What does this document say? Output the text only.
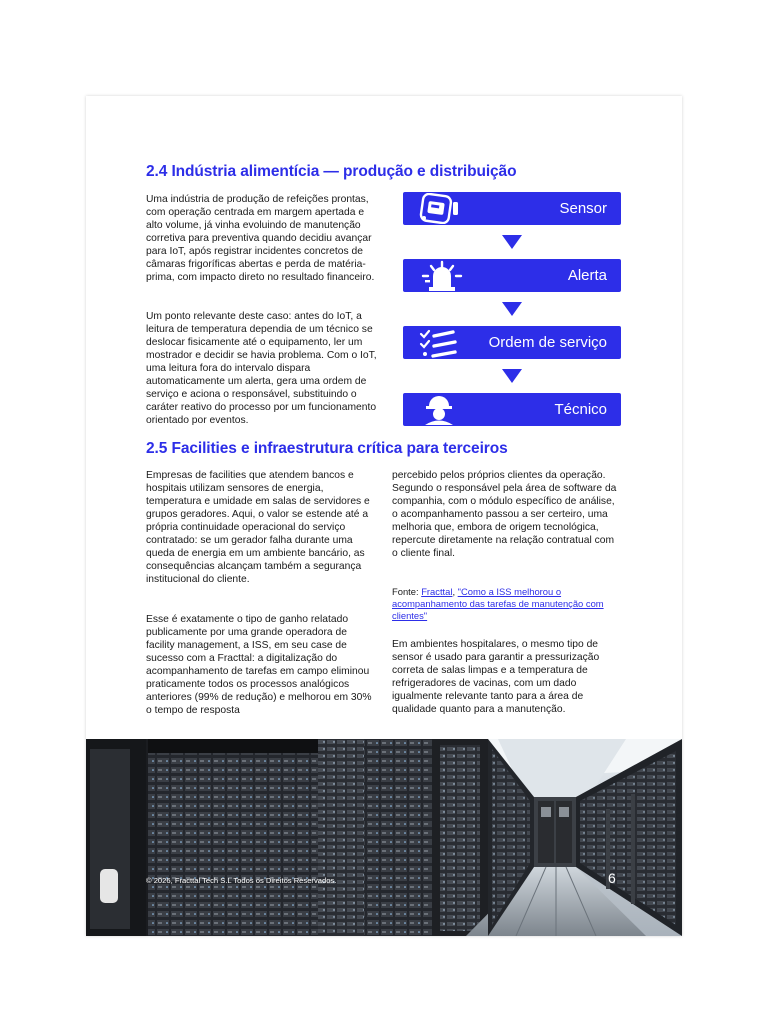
2.4 Indústria alimentícia — produção e distribuição

Uma indústria de produção de refeições prontas, com operação centrada em margem apertada e alto volume, já vinha evoluindo de manutenção corretiva para preventiva quando decidiu avançar para IoT, após registrar incidentes concretos de câmaras frigoríficas abertas e perda de matéria-prima, com impacto direto no resultado financeiro.

Um ponto relevante deste caso: antes do IoT, a leitura de temperatura dependia de um técnico se deslocar fisicamente até o equipamento, ler um mostrador e decidir se havia problema. Com o IoT, uma leitura fora do intervalo dispara automaticamente um alerta, gera uma ordem de serviço e aciona o responsável, substituindo o caráter reativo do processo por um funcionamento orientado por eventos.

Sensor
Alerta
Ordem de serviço
Técnico
2.5 Facilities e infraestrutura crítica para terceiros

Empresas de facilities que atendem bancos e hospitais utilizam sensores de energia, temperatura e umidade em salas de servidores e grupos geradores. Aqui, o valor se estende até a própria continuidade operacional do serviço contratado: se um gerador falha durante uma queda de energia em um ambiente bancário, as consequências alcançam também a segurança institucional do cliente.

Esse é exatamente o tipo de ganho relatado publicamente por uma grande operadora de facility management, a ISS, em seu case de sucesso com a Fracttal: a digitalização do acompanhamento de tarefas em campo eliminou praticamente todos os processos analógicos anteriores (99% de redução) e melhorou em 30% o tempo de resposta

percebido pelos próprios clientes da operação. Segundo o responsável pela área de software da companhia, com o módulo específico de análise, o acompanhamento passou a ser certeiro, uma melhoria que, embora de origem tecnológica, repercute diretamente na relação contratual com o cliente final.

Fonte: Fracttal, "Como a ISS melhorou o acompanhamento das tarefas de manutenção com clientes"

Em ambientes hospitalares, o mesmo tipo de sensor é usado para garantir a pressurização correta de salas limpas e a temperatura de refrigeradores de vacinas, com um dado igualmente relevante tanto para a área de qualidade quanto para a manutenção.

© 2026, Fracttal Tech S.L Todos os Direitos Reservados.	6
